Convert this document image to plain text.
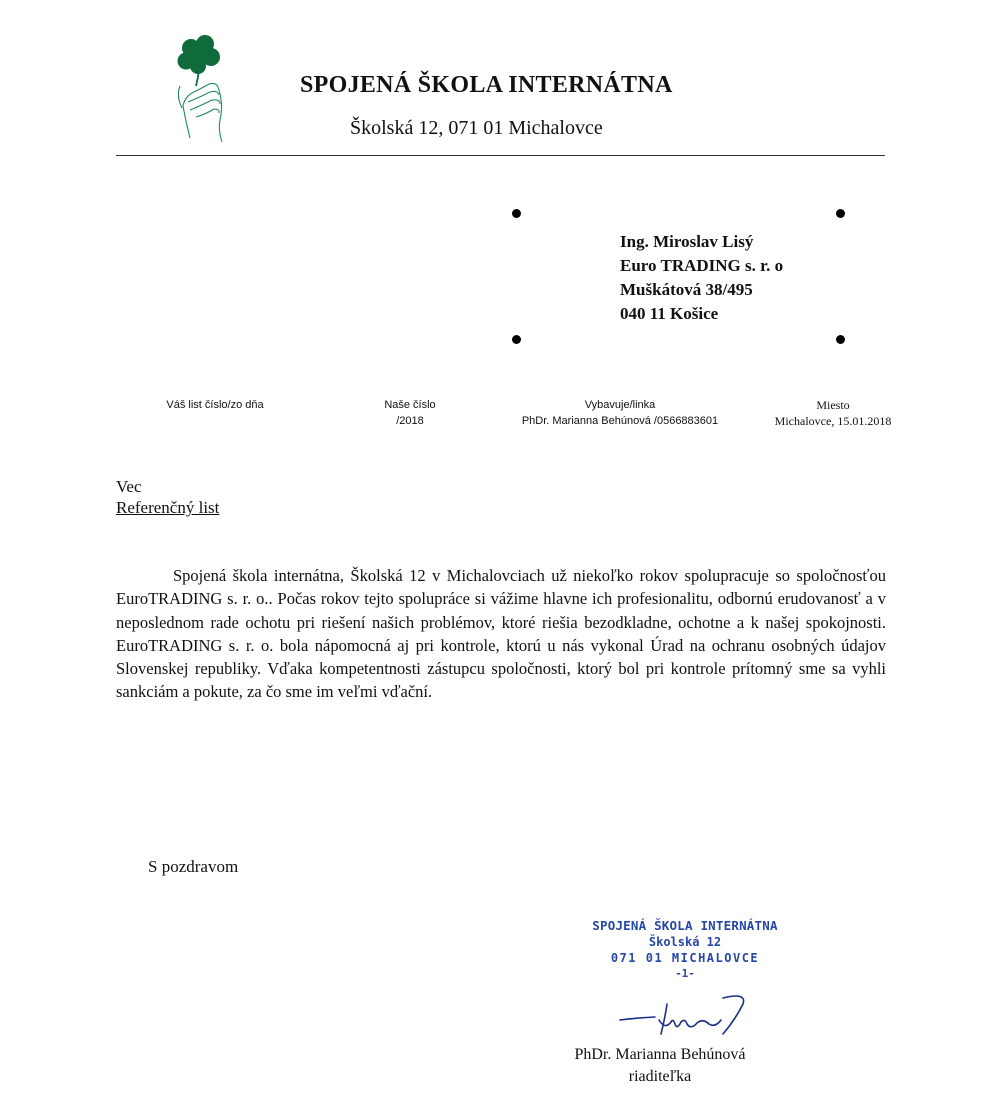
SPOJENÁ ŠKOLA INTERNÁTNA
Školská 12, 071 01 Michalovce
Ing. Miroslav Lisý
Euro TRADING s. r. o
Muškátová 38/495
040 11 Košice
Váš list číslo/zo dňa	Naše číslo
/2018
Vybavuje/linka
PhDr. Marianna Behúnová /0566883601
Miesto
Michalovce, 15.01.2018
Vec
Referenčný list
Spojená škola internátna, Školská 12 v Michalovciach už niekoľko rokov spolupracuje so spoločnosťou EuroTRADING s. r. o.. Počas rokov tejto spolupráce si vážime hlavne ich profesionalitu, odbornú erudovanosť a v neposlednom rade ochotu pri riešení našich problémov, ktoré riešia bezodkladne, ochotne a k našej spokojnosti. EuroTRADING s. r. o. bola nápomocná aj pri kontrole, ktorú u nás vykonal Úrad na ochranu osobných údajov Slovenskej republiky. Vďaka kompetentnosti zástupcu spoločnosti, ktorý bol pri kontrole prítomný sme sa vyhli sankciám a pokute, za čo sme im veľmi vďační.
S pozdravom
SPOJENÁ ŠKOLA INTERNÁTNA
Školská 12
071 01 MICHALOVCE
-1-
PhDr. Marianna Behúnová
riaditeľka
